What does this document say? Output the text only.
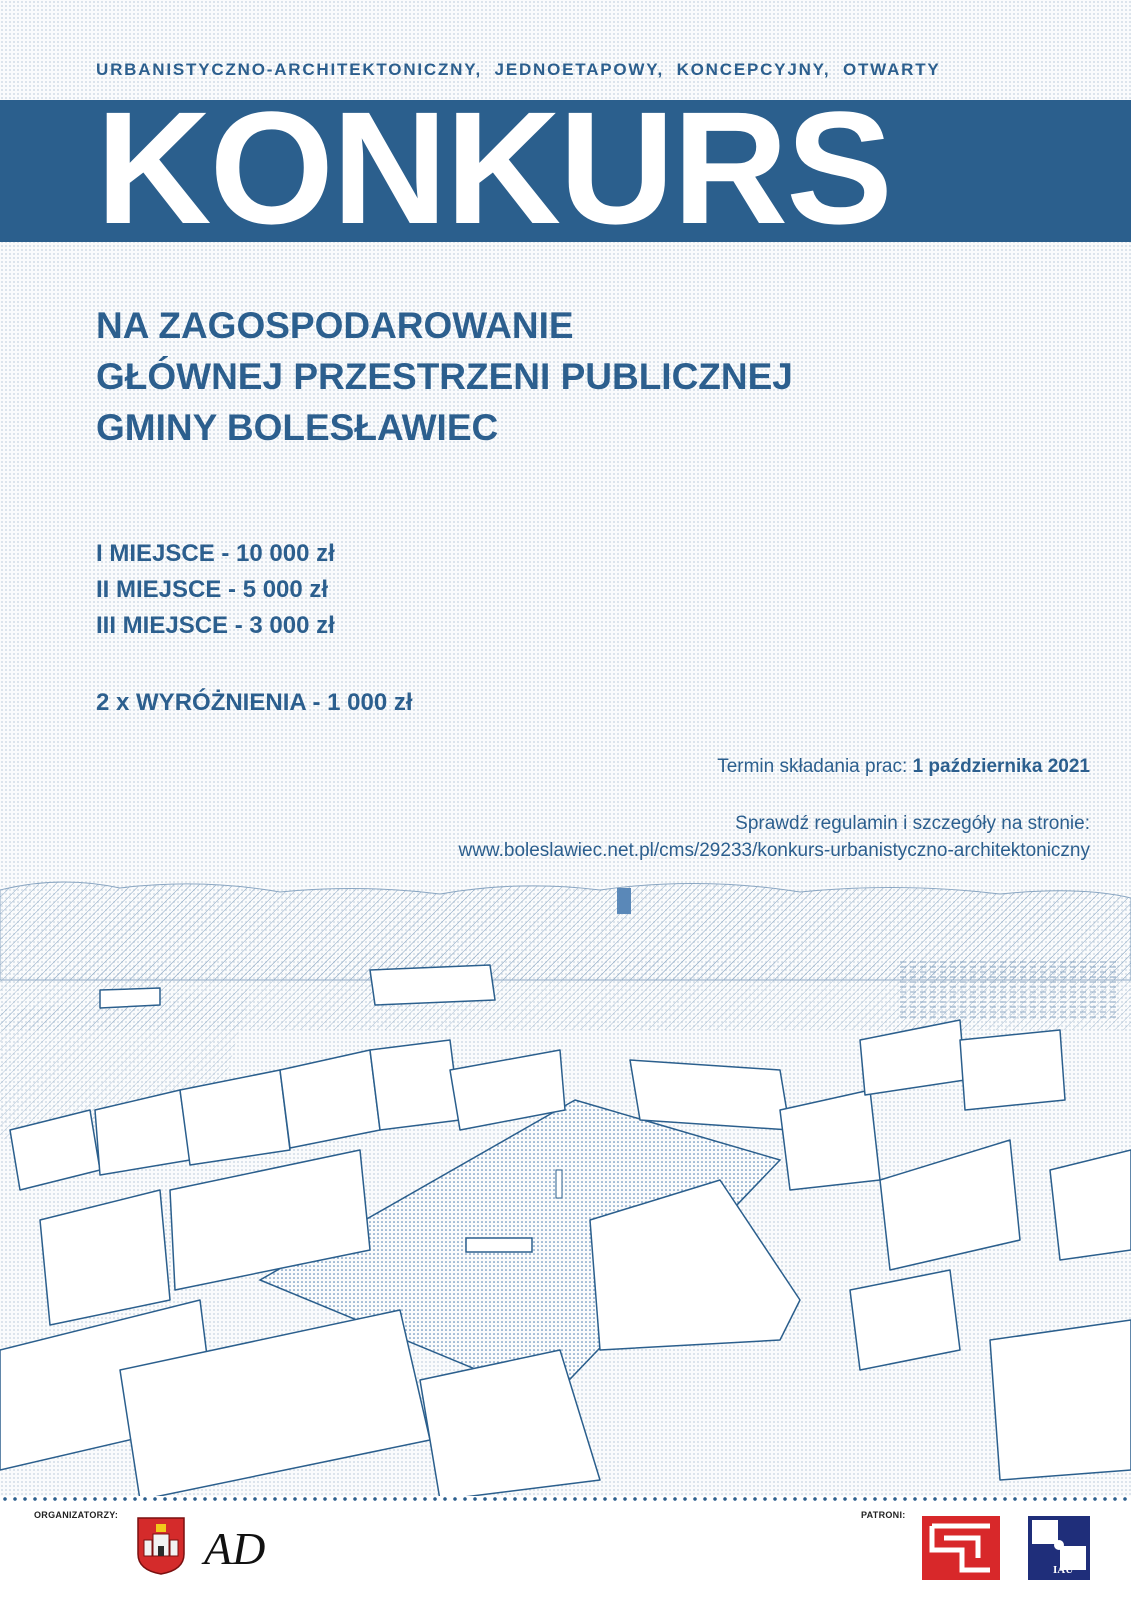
URBANISTYCZNO-ARCHITEKTONICZNY, JEDNOETAPOWY, KONCEPCYJNY, OTWARTY
KONKURS
NA ZAGOSPODAROWANIE
GŁÓWNEJ PRZESTRZENI PUBLICZNEJ
GMINY BOLESŁAWIEC
I MIEJSCE - 10 000 zł
II MIEJSCE - 5 000 zł
III MIEJSCE - 3 000 zł
2 x WYRÓŻNIENIA - 1 000 zł
Termin składania prac: 1 października 2021
Sprawdź regulamin i szczegóły na stronie:
www.boleslawiec.net.pl/cms/29233/konkurs-urbanistyczno-architektoniczny
ORGANIZATORZY:	PATRONI:
AD	IAU
